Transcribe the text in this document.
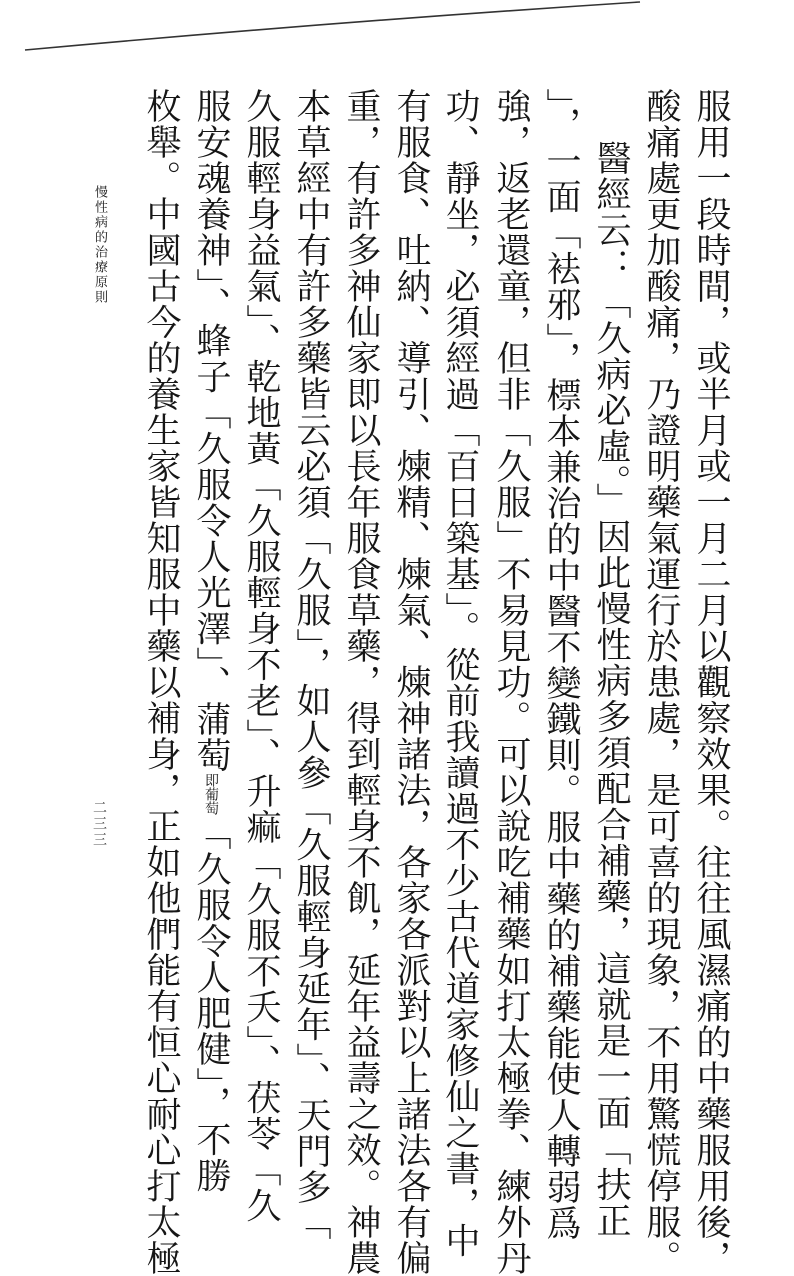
服用一段時間，或半月或一月二月以觀察效果。往往風濕痛的中藥服用後，
酸痛處更加酸痛，乃證明藥氣運行於患處，是可喜的現象，不用驚慌停服。
醫經云：「久病必虛。」因此慢性病多須配合補藥，這就是一面「扶正
」，一面「袪邪」，標本兼治的中醫不變鐵則。服中藥的補藥能使人轉弱爲
強，返老還童，但非「久服」不易見功。可以說吃補藥如打太極拳、練外丹
功、靜坐，必須經過「百日築基」。從前我讀過不少古代道家修仙之書，中
有服食、吐納、導引、煉精、煉氣、煉神諸法，各家各派對以上諸法各有偏
重，有許多神仙家即以長年服食草藥，得到輕身不飢，延年益壽之效。神農
本草經中有許多藥皆云必須「久服」，如人參「久服輕身延年」、天門多「
久服輕身益氣」、乾地黃「久服輕身不老」、升痲「久服不夭」、茯苓「久
服安魂養神」、蜂子「久服令人光澤」、蒲萄即葡萄「久服令人肥健」，不勝
枚舉。中國古今的養生家皆知服中藥以補身，正如他們能有恒心耐心打太極
慢性病的治療原則
二三三
